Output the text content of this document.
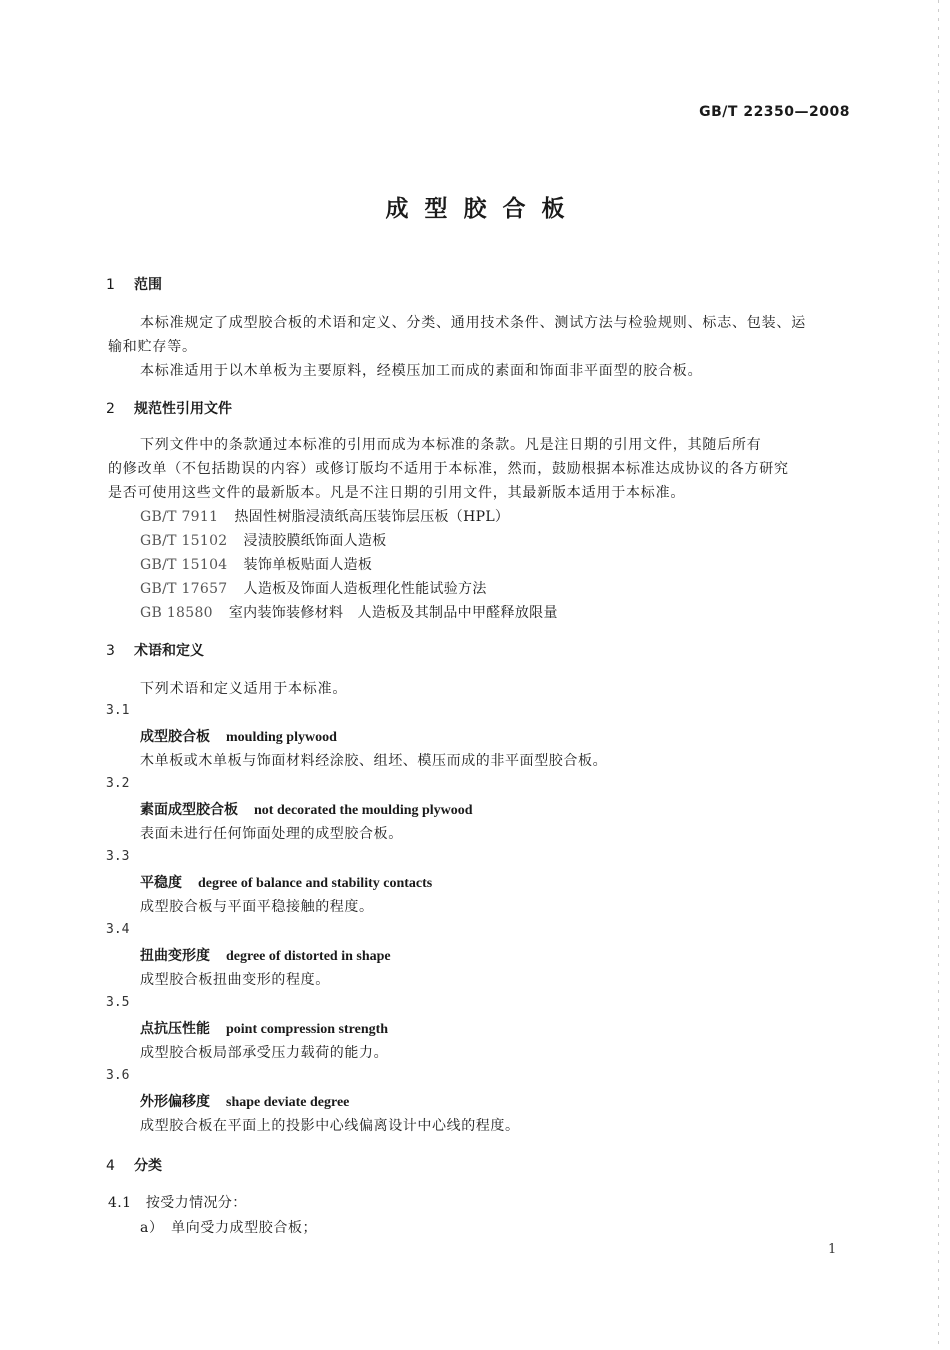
GB/T 22350—2008
成型胶合板
1 范围
本标准规定了成型胶合板的术语和定义、分类、通用技术条件、测试方法与检验规则、标志、包装、运
输和贮存等。
本标准适用于以木单板为主要原料，经模压加工而成的素面和饰面非平面型的胶合板。
2 规范性引用文件
下列文件中的条款通过本标准的引用而成为本标准的条款。凡是注日期的引用文件，其随后所有
的修改单（不包括勘误的内容）或修订版均不适用于本标准，然而，鼓励根据本标准达成协议的各方研究
是否可使用这些文件的最新版本。凡是不注日期的引用文件，其最新版本适用于本标准。
GB/T 7911 热固性树脂浸渍纸高压装饰层压板（HPL）
GB/T 15102 浸渍胶膜纸饰面人造板
GB/T 15104 装饰单板贴面人造板
GB/T 17657 人造板及饰面人造板理化性能试验方法
GB 18580 室内装饰装修材料　人造板及其制品中甲醛释放限量
3 术语和定义
下列术语和定义适用于本标准。
3.1
成型胶合板 moulding plywood
木单板或木单板与饰面材料经涂胶、组坯、模压而成的非平面型胶合板。
3.2
素面成型胶合板 not decorated the moulding plywood
表面未进行任何饰面处理的成型胶合板。
3.3
平稳度 degree of balance and stability contacts
成型胶合板与平面平稳接触的程度。
3.4
扭曲变形度 degree of distorted in shape
成型胶合板扭曲变形的程度。
3.5
点抗压性能 point compression strength
成型胶合板局部承受压力载荷的能力。
3.6
外形偏移度 shape deviate degree
成型胶合板在平面上的投影中心线偏离设计中心线的程度。
4 分类
4.1　按受力情况分：
a）　单向受力成型胶合板；
1
